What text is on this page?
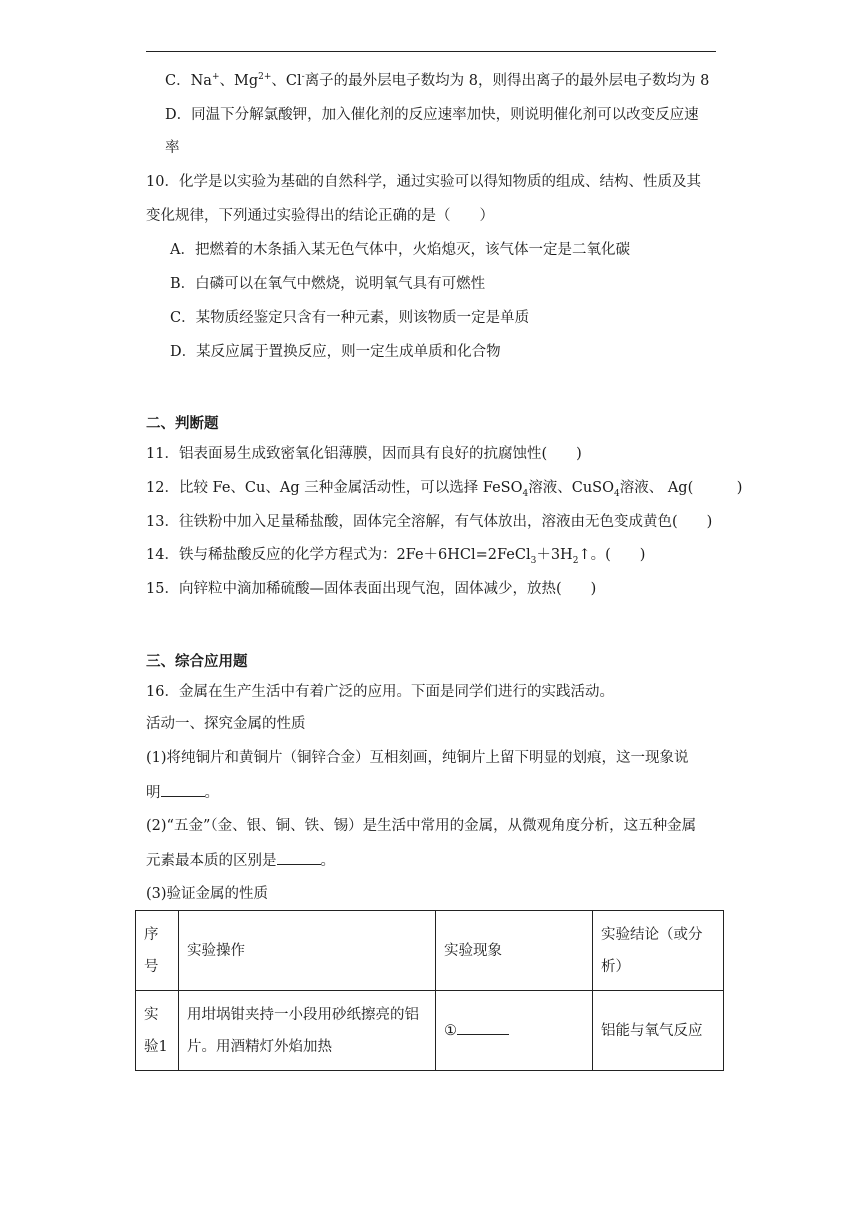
C．Na+、$Mg^{2+}$、Cl-离子的最外层电子数均为 8，则得出离子的最外层电子数均为 8
D．同温下分解氯酸钾，加入催化剂的反应速率加快，则说明催化剂可以改变反应速
率
10．化学是以实验为基础的自然科学，通过实验可以得知物质的组成、结构、性质及其
变化规律，下列通过实验得出的结论正确的是（　　）
A．把燃着的木条插入某无色气体中，火焰熄灭，该气体一定是二氧化碳
B．白磷可以在氧气中燃烧，说明氧气具有可燃性
C．某物质经鉴定只含有一种元素，则该物质一定是单质
D．某反应属于置换反应，则一定生成单质和化合物
二、判断题
11．铝表面易生成致密氧化铝薄膜，因而具有良好的抗腐蚀性(　　)
12．比较 Fe、Cu、Ag 三种金属活动性，可以选择 FeSO$_4$溶液、CuSO$_4$溶液、 Ag(　　　)
13．往铁粉中加入足量稀盐酸，固体完全溶解，有气体放出，溶液由无色变成黄色(　　)
14．铁与稀盐酸反应的化学方程式为：$2Fe+6HCl=2FeCl_3+3H_2↑$。(　　)
15．向锌粒中滴加稀硫酸—固体表面出现气泡，固体减少，放热(　　)
三、综合应用题
16．金属在生产生活中有着广泛的应用。下面是同学们进行的实践活动。
活动一、探究金属的性质
(1)将纯铜片和黄铜片（铜锌合金）互相刻画，纯铜片上留下明显的划痕，这一现象说
明	。
(2)“五金”（金、银、铜、铁、锡）是生活中常用的金属，从微观角度分析，这五种金属
元素最本质的区别是	。
(3)验证金属的性质
序号	实验操作	实验现象	实验结论（或分析）
实验1	用坩埚钳夹持一小段用砂纸擦亮的铝片。用酒精灯外焰加热	①	铝能与氧气反应
